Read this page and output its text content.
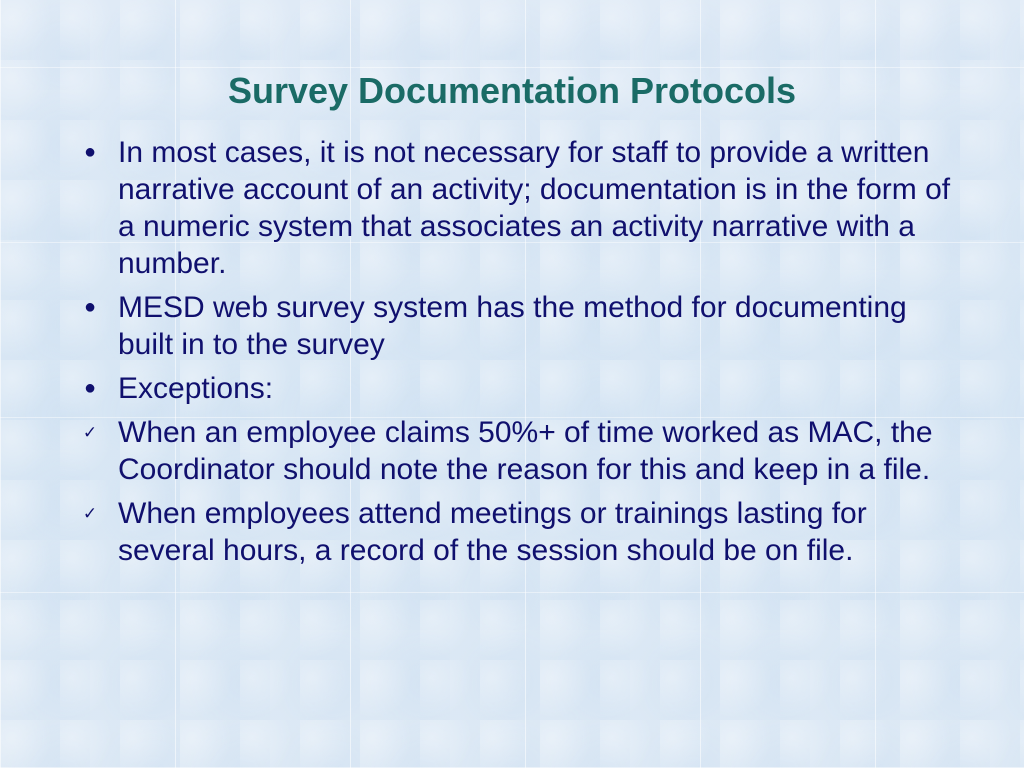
Survey Documentation Protocols
● In most cases, it is not necessary for staff to provide a written narrative account of an activity; documentation is in the form of a numeric system that associates an activity narrative with a number.
● MESD web survey system has the method for documenting built in to the survey
● Exceptions:
✓ When an employee claims 50%+ of time worked as MAC, the Coordinator should note the reason for this and keep in a file.
✓ When employees attend meetings or trainings lasting for several hours, a record of the session should be on file.
